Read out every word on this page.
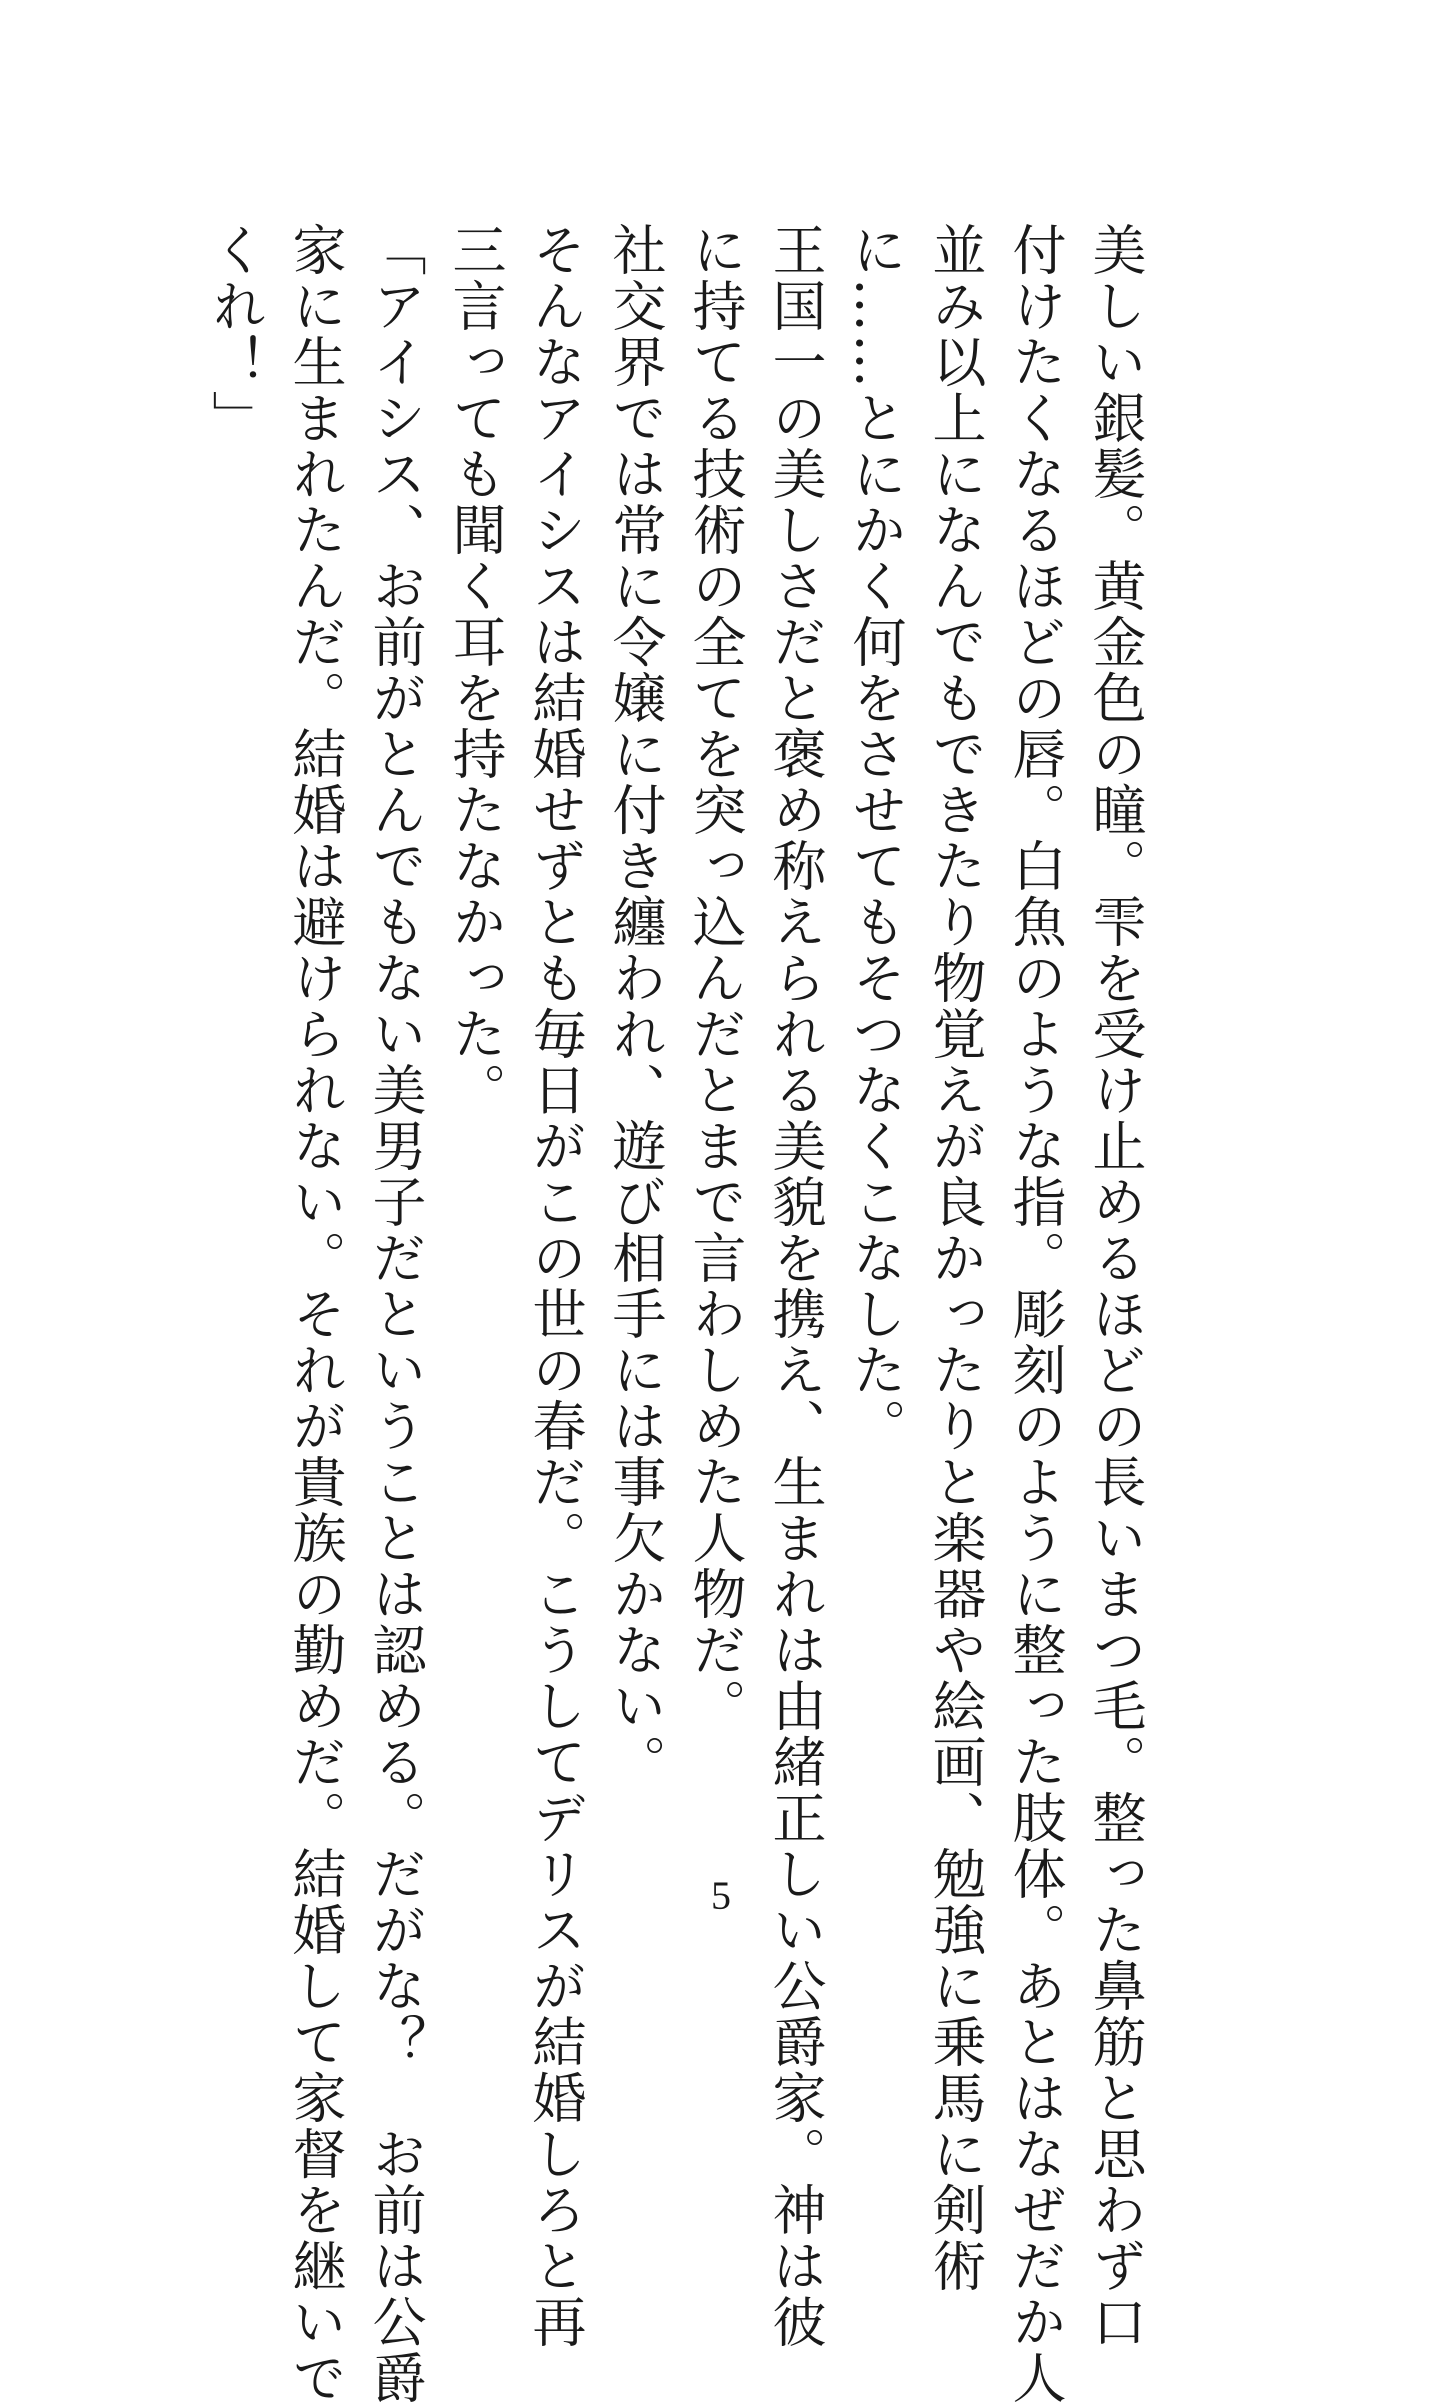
美しい銀髪。黄金色の瞳。雫を受け止めるほどの長いまつ毛。整った鼻筋と思わず口
付けたくなるほどの唇。白魚のような指。彫刻のように整った肢体。あとはなぜだか人
並み以上になんでもできたり物覚えが良かったりと楽器や絵画、勉強に乗馬に剣術
に……とにかく何をさせてもそつなくこなした。
王国一の美しさだと褒め称えられる美貌を携え、生まれは由緒正しい公爵家。神は彼
に持てる技術の全てを突っ込んだとまで言わしめた人物だ。
社交界では常に令嬢に付き纏われ、遊び相手には事欠かない。
そんなアイシスは結婚せずとも毎日がこの世の春だ。こうしてデリスが結婚しろと再
三言っても聞く耳を持たなかった。
「アイシス、お前がとんでもない美男子だということは認める。だがな？　お前は公爵
家に生まれたんだ。結婚は避けられない。それが貴族の勤めだ。結婚して家督を継いで
くれ！」
5
